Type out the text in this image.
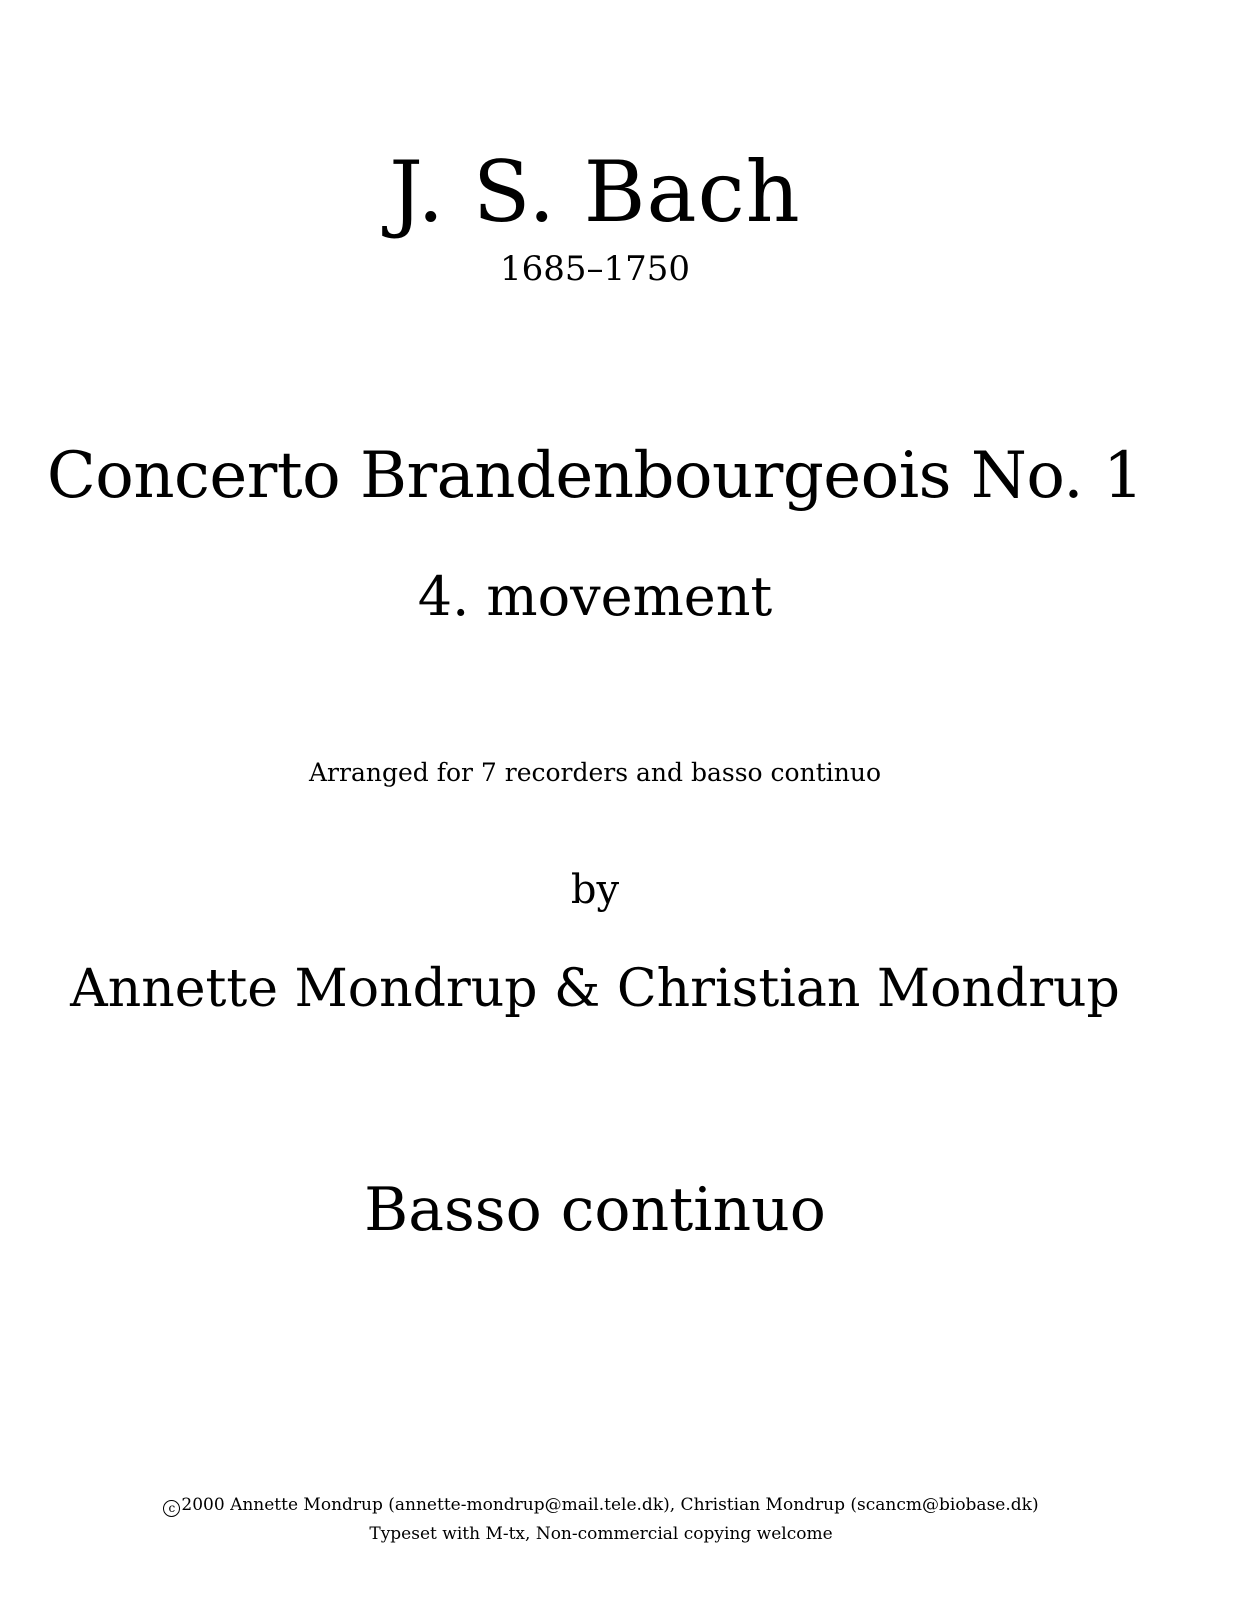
J. S. Bach
1685–1750
Concerto Brandenbourgeois No. 1
4. movement
Arranged for 7 recorders and basso continuo
by
Annette Mondrup & Christian Mondrup
Basso continuo
c 2000 Annette Mondrup (annette-mondrup@mail.tele.dk), Christian Mondrup (scancm@biobase.dk)
Typeset with M-tx, Non-commercial copying welcome
